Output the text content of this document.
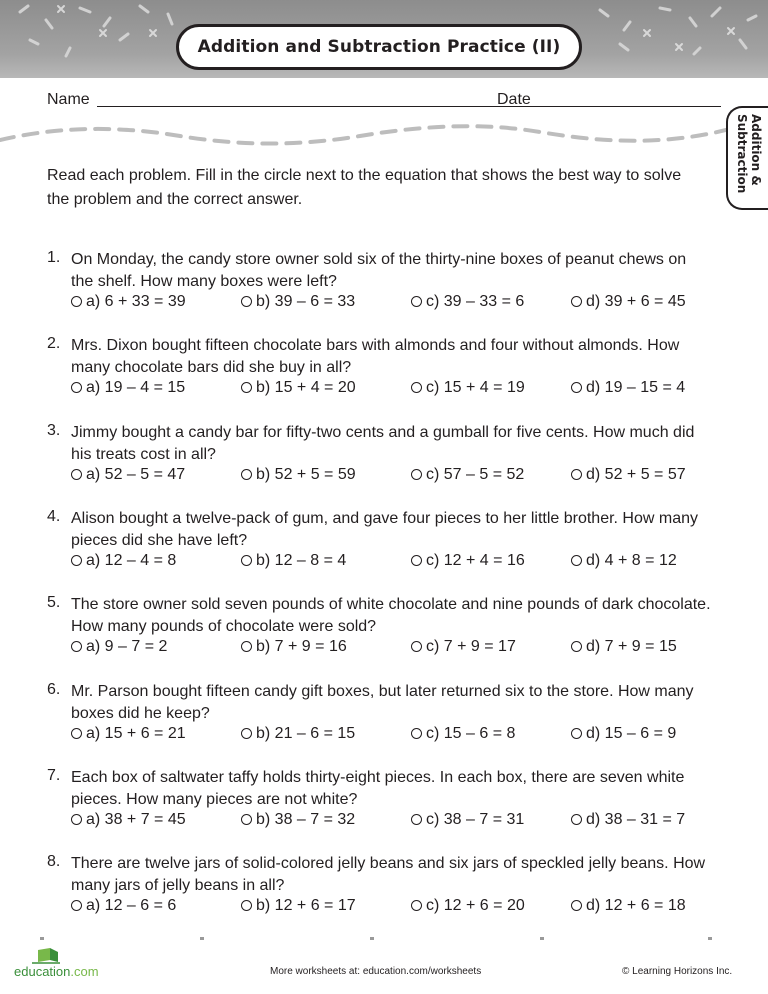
Addition and Subtraction Practice (II)
Name	Date
Addition & Subtraction
Read each problem. Fill in the circle next to the equation that shows the best way to solve the problem and the correct answer.
1. On Monday, the candy store owner sold six of the thirty-nine boxes of peanut chews on the shelf. How many boxes were left?
a) 6 + 33 = 39	b) 39 – 6 = 33	c) 39 – 33 = 6	d) 39 + 6 = 45
2. Mrs. Dixon bought fifteen chocolate bars with almonds and four without almonds. How many chocolate bars did she buy in all?
a) 19 – 4 = 15	b) 15 + 4 = 20	c) 15 + 4 = 19	d) 19 – 15 = 4
3. Jimmy bought a candy bar for fifty-two cents and a gumball for five cents. How much did his treats cost in all?
a) 52 – 5 = 47	b) 52 + 5 = 59	c) 57 – 5 = 52	d) 52 + 5 = 57
4. Alison bought a twelve-pack of gum, and gave four pieces to her little brother. How many pieces did she have left?
a) 12 – 4 = 8	b) 12 – 8 = 4	c) 12 + 4 = 16	d) 4 + 8 = 12
5. The store owner sold seven pounds of white chocolate and nine pounds of dark chocolate. How many pounds of chocolate were sold?
a) 9 – 7 = 2	b) 7 + 9 = 16	c) 7 + 9 = 17	d) 7 + 9 = 15
6. Mr. Parson bought fifteen candy gift boxes, but later returned six to the store. How many boxes did he keep?
a) 15 + 6 = 21	b) 21 – 6 = 15	c) 15 – 6 = 8	d) 15 – 6 = 9
7. Each box of saltwater taffy holds thirty-eight pieces. In each box, there are seven white pieces. How many pieces are not white?
a) 38 + 7 = 45	b) 38 – 7 = 32	c) 38 – 7 = 31	d) 38 – 31 = 7
8. There are twelve jars of solid-colored jelly beans and six jars of speckled jelly beans. How many jars of jelly beans in all?
a) 12 – 6 = 6	b) 12 + 6 = 17	c) 12 + 6 = 20	d) 12 + 6 = 18
education.com	More worksheets at: education.com/worksheets	© Learning Horizons Inc.
